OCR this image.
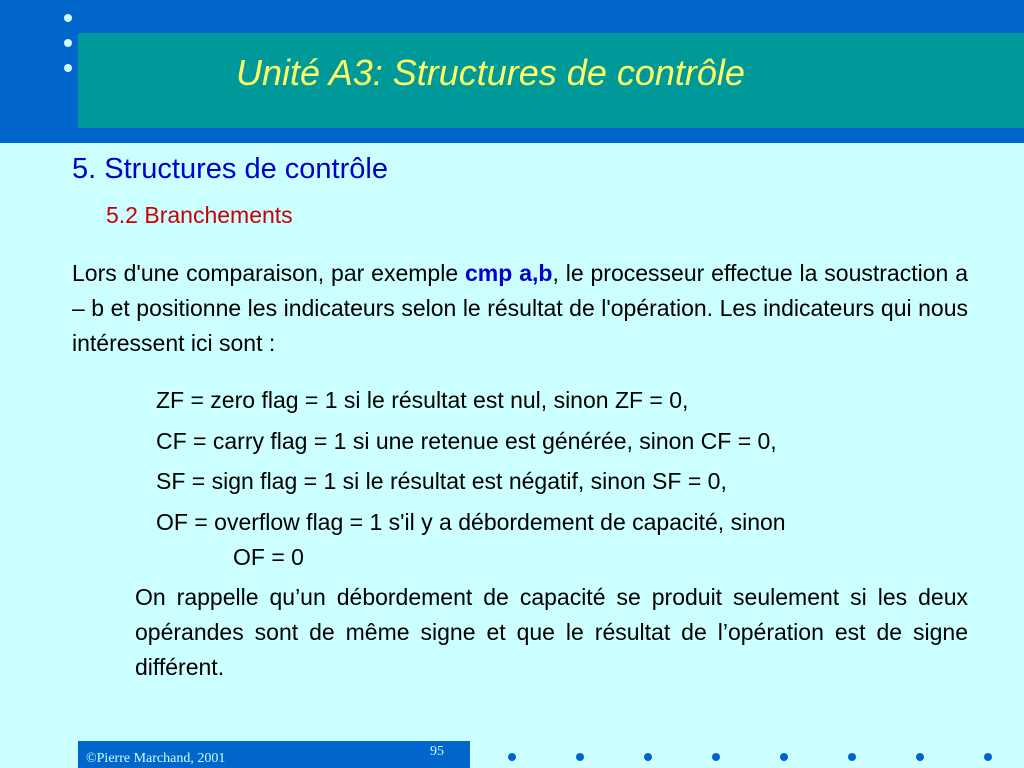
Unité A3: Structures de contrôle
5. Structures de contrôle
5.2 Branchements
Lors d'une comparaison, par exemple cmp a,b, le processeur effectue la soustraction a – b et positionne les indicateurs selon le résultat de l'opération. Les indicateurs qui nous intéressent ici sont :
ZF = zero flag = 1 si le résultat est nul, sinon ZF = 0,
CF = carry flag = 1 si une retenue est générée, sinon CF = 0,
SF = sign flag = 1 si le résultat est négatif, sinon SF = 0,
OF = overflow flag = 1 s'il y a débordement de capacité, sinon
OF = 0
On rappelle qu’un débordement de capacité se produit seulement si les deux opérandes sont de même signe et que le résultat de l’opération est de signe différent.
©Pierre Marchand, 2001	95
